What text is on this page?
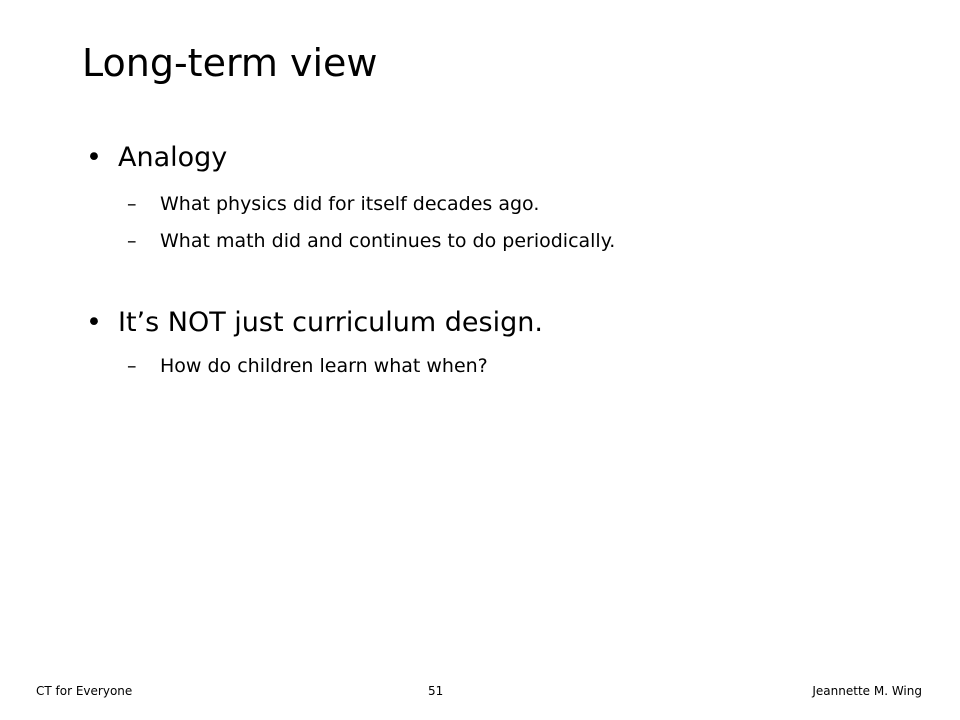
Long-term view
• Analogy
– What physics did for itself decades ago.
– What math did and continues to do periodically.
• It’s NOT just curriculum design.
– How do children learn what when?
CT for Everyone	51	Jeannette M. Wing
